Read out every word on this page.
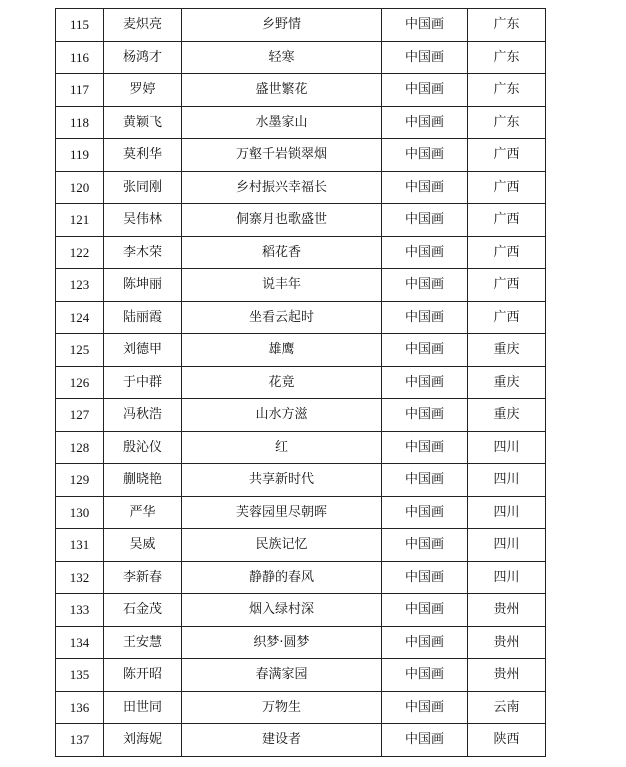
115	麦炽亮	乡野情	中国画	广东
116	杨鸿才	轻寒	中国画	广东
117	罗婷	盛世繁花	中国画	广东
118	黄颖飞	水墨家山	中国画	广东
119	莫利华	万壑千岩锁翠烟	中国画	广西
120	张同刚	乡村振兴幸福长	中国画	广西
121	吴伟林	侗寨月也歌盛世	中国画	广西
122	李木荣	稻花香	中国画	广西
123	陈坤丽	说丰年	中国画	广西
124	陆丽霞	坐看云起时	中国画	广西
125	刘德甲	雄鹰	中国画	重庆
126	于中群	花竟	中国画	重庆
127	冯秋浩	山水方滋	中国画	重庆
128	殷沁仪	红	中国画	四川
129	蒯晓艳	共享新时代	中国画	四川
130	严华	芙蓉园里尽朝晖	中国画	四川
131	吴威	民族记忆	中国画	四川
132	李新春	静静的春风	中国画	四川
133	石金茂	烟入绿村深	中国画	贵州
134	王安慧	织梦·圆梦	中国画	贵州
135	陈开昭	春满家园	中国画	贵州
136	田世同	万物生	中国画	云南
137	刘海妮	建设者	中国画	陕西
